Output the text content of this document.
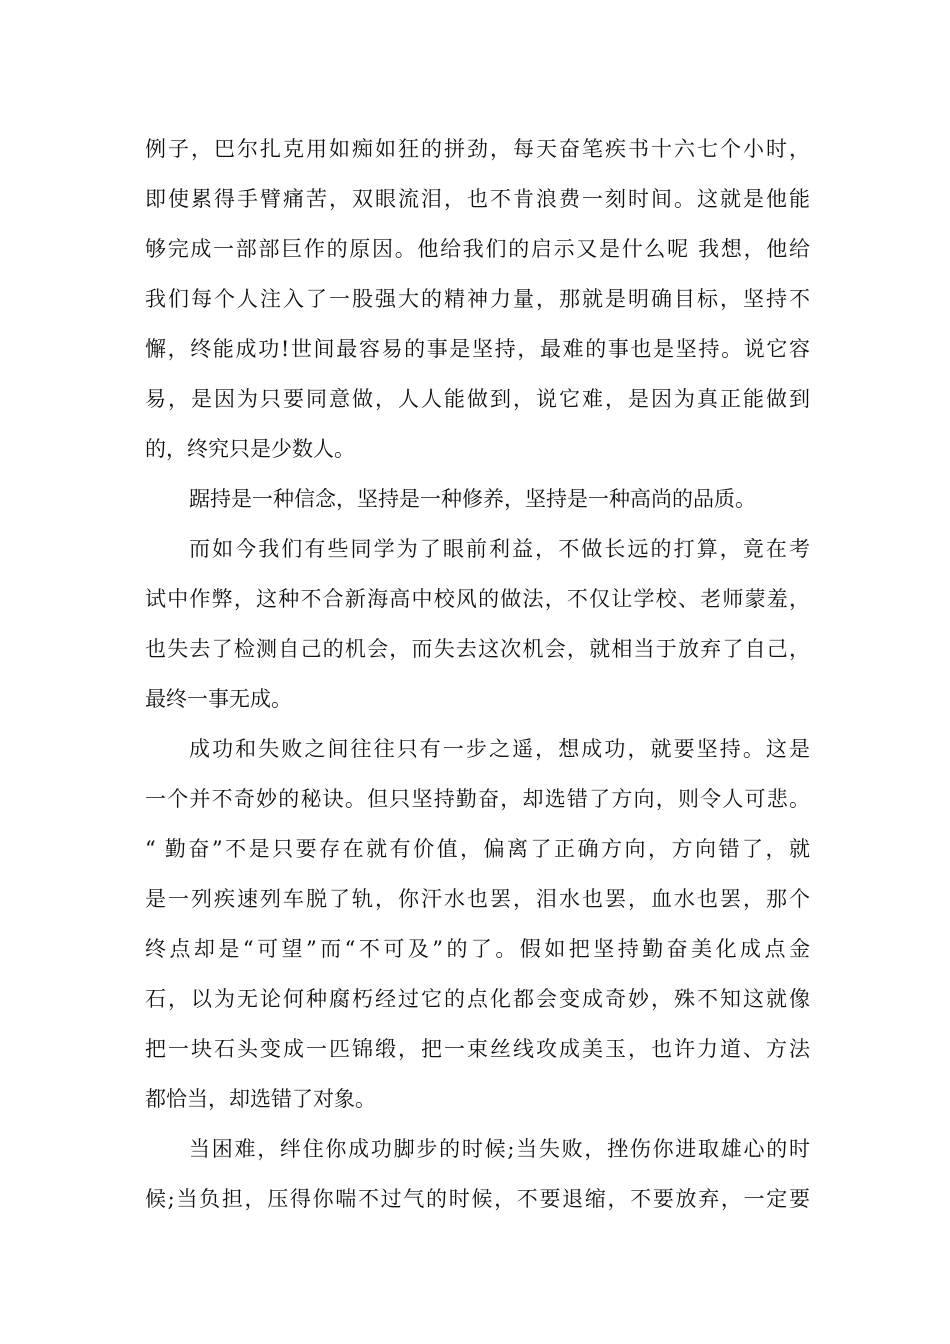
例子，巴尔扎克用如痴如狂的拼劲，每天奋笔疾书十六七个小时，
即使累得手臂痛苦，双眼流泪，也不肯浪费一刻时间。这就是他能
够完成一部部巨作的原因。他给我们的启示又是什么呢 我想，他给
我们每个人注入了一股强大的精神力量，那就是明确目标，坚持不
懈，终能成功!世间最容易的事是坚持，最难的事也是坚持。说它容
易，是因为只要同意做，人人能做到，说它难，是因为真正能做到
的，终究只是少数人。
踞持是一种信念，坚持是一种修养，坚持是一种高尚的品质。
而如今我们有些同学为了眼前利益，不做长远的打算，竟在考
试中作弊，这种不合新海高中校风的做法，不仅让学校、老师蒙羞，
也失去了检测自己的机会，而失去这次机会，就相当于放弃了自己，
最终一事无成。
成功和失败之间往往只有一步之遥，想成功，就要坚持。这是
一个并不奇妙的秘诀。但只坚持勤奋，却选错了方向，则令人可悲。
“ 勤奋”不是只要存在就有价值，偏离了正确方向，方向错了，就
是一列疾速列车脱了轨，你汗水也罢，泪水也罢，血水也罢，那个
终点却是“可望”而“不可及”的了。假如把坚持勤奋美化成点金
石，以为无论何种腐朽经过它的点化都会变成奇妙，殊不知这就像
把一块石头变成一匹锦缎，把一束丝线攻成美玉，也许力道、方法
都恰当，却选错了对象。
当困难，绊住你成功脚步的时候;当失败，挫伤你进取雄心的时
候;当负担，压得你喘不过气的时候，不要退缩，不要放弃，一定要
